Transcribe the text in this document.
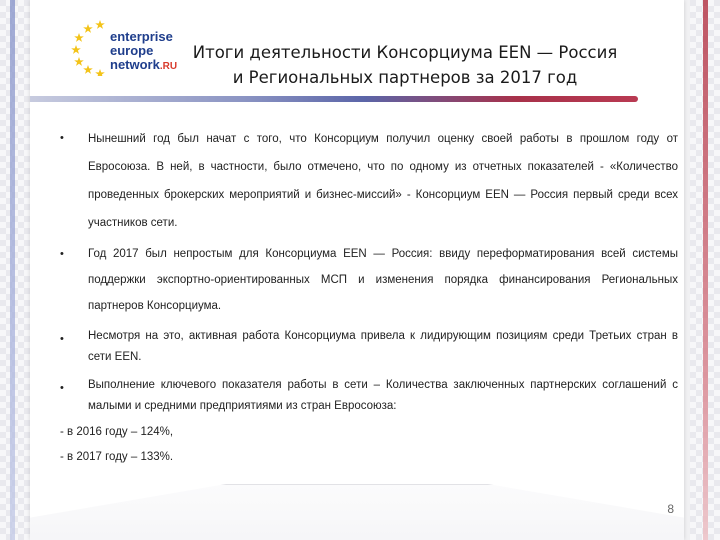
enterprise
europe
network.RU
Итоги деятельности Консорциума EEN — Россия
и Региональных партнеров за 2017 год
• Нынешний год был начат с того, что Консорциум получил оценку своей работы в прошлом году от Евросоюза. В ней, в частности, было отмечено, что по одному из отчетных показателей - «Количество проведенных брокерских мероприятий и бизнес-миссий» - Консорциум EEN — Россия первый среди всех участников сети.
• Год 2017 был непростым для Консорциума EEN — Россия: ввиду переформатирования всей системы поддержки экспортно-ориентированных МСП и изменения порядка финансирования Региональных партнеров Консорциума.
• Несмотря на это, активная работа Консорциума привела к лидирующим позициям среди Третьих стран в сети EEN.
• Выполнение ключевого показателя работы в сети – Количества заключенных партнерских соглашений с малыми и средними предприятиями из стран Евросоюза:
- в 2016 году – 124%,
- в 2017 году – 133%.
8
